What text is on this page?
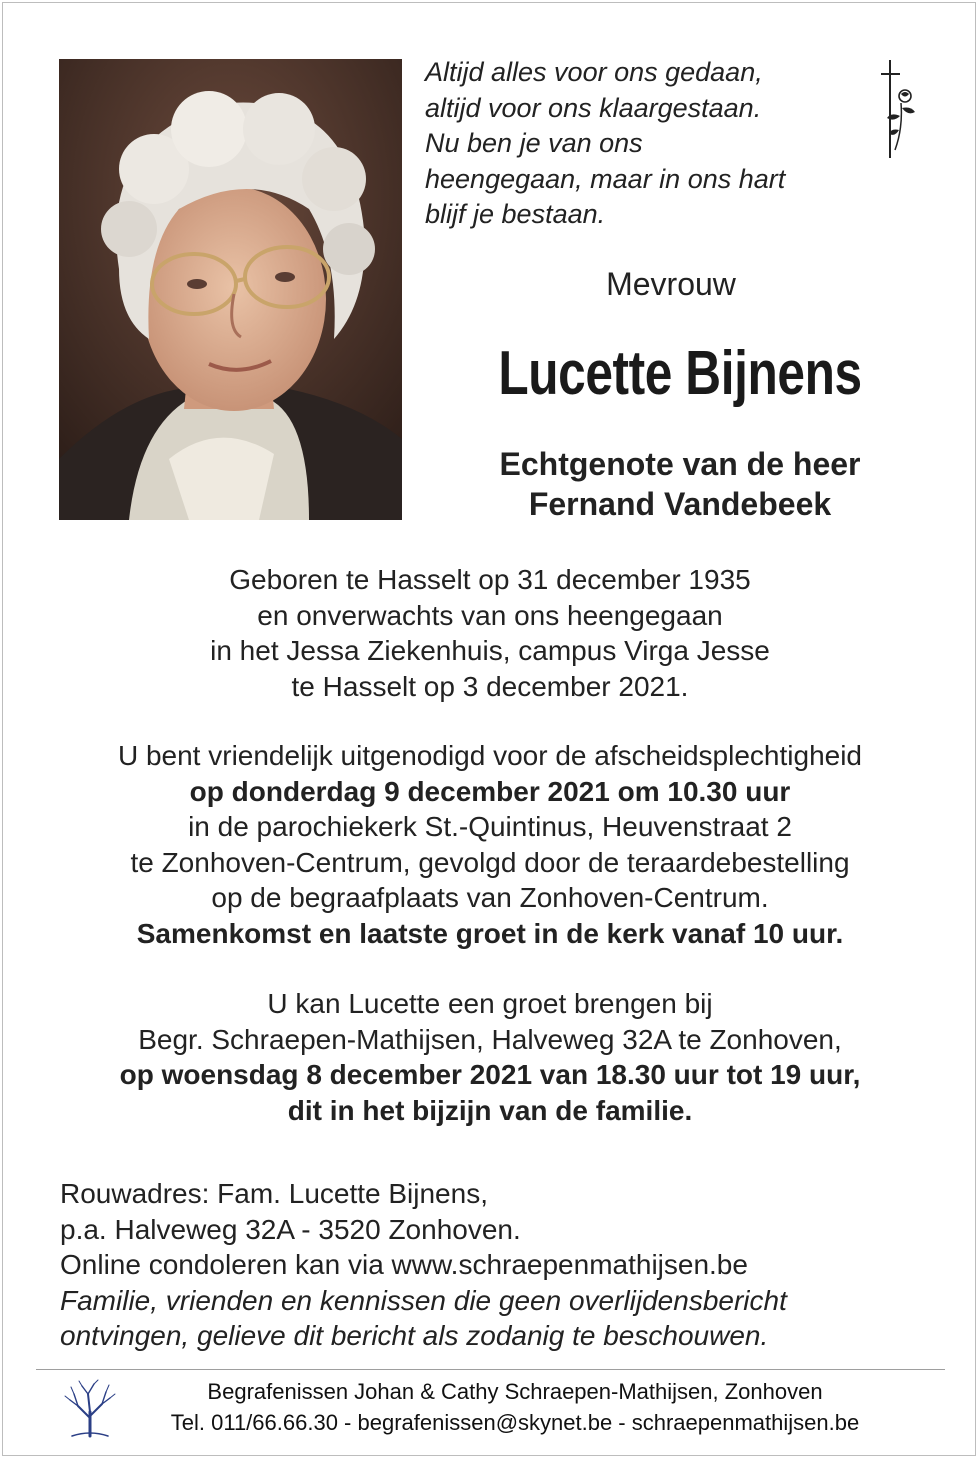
Altijd alles voor ons gedaan,
altijd voor ons klaargestaan.
Nu ben je van ons
heengegaan, maar in ons hart
blijf je bestaan.
Mevrouw
Lucette Bijnens
Echtgenote van de heer
Fernand Vandebeek
Geboren te Hasselt op 31 december 1935
en onverwachts van ons heengegaan
in het Jessa Ziekenhuis, campus Virga Jesse
te Hasselt op 3 december 2021.
U bent vriendelijk uitgenodigd voor de afscheidsplechtigheid
op donderdag 9 december 2021 om 10.30 uur
in de parochiekerk St.-Quintinus, Heuvenstraat 2
te Zonhoven-Centrum, gevolgd door de teraardebestelling
op de begraafplaats van Zonhoven-Centrum.
Samenkomst en laatste groet in de kerk vanaf 10 uur.
U kan Lucette een groet brengen bij
Begr. Schraepen-Mathijsen, Halveweg 32A te Zonhoven,
op woensdag 8 december 2021 van 18.30 uur tot 19 uur,
dit in het bijzijn van de familie.
Rouwadres: Fam. Lucette Bijnens,
p.a. Halveweg 32A - 3520 Zonhoven.
Online condoleren kan via www.schraepenmathijsen.be
Familie, vrienden en kennissen die geen overlijdensbericht
ontvingen, gelieve dit bericht als zodanig te beschouwen.
Begrafenissen Johan & Cathy Schraepen-Mathijsen, Zonhoven
Tel. 011/66.66.30 - begrafenissen@skynet.be - schraepenmathijsen.be
